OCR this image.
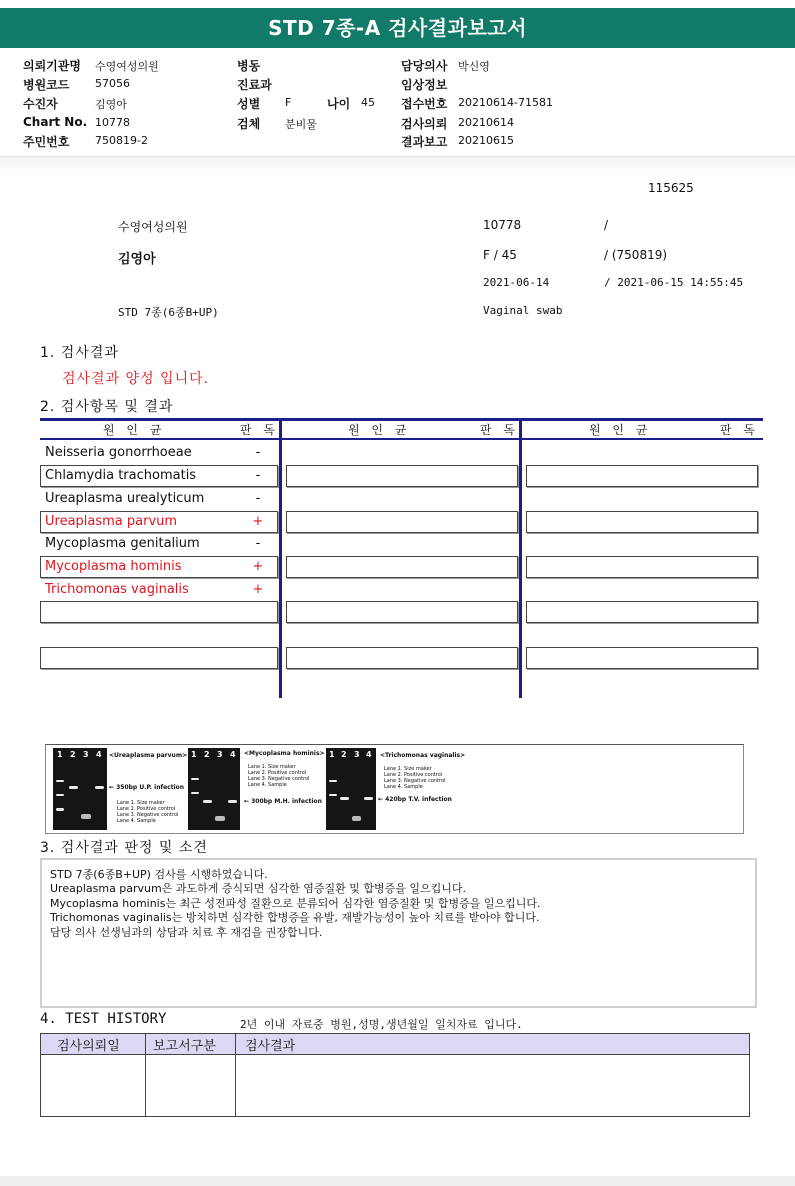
STD 7종-A 검사결과보고서
의뢰기관명 수영여성의원
병원코드 57056
수진자	김영아
Chart No. 10778
주민번호 750819-2
병동
진료과
성별 F	나이 45
검체 분비물
담당의사 박신영
임상정보
접수번호 20210614-71581
검사의뢰 20210614
결과보고 20210615
115625
수영여성의원	10778	/
김영아	F / 45	/ (750819)
2021-06-14	/ 2021-06-15 14:55:45
STD 7종(6종B+UP)	Vaginal swab
1. 검사결과
검사결과 양성 입니다.
2. 검사항목 및 결과
원 인 균	판 독	원 인 균	판 독	원 인 균	판 독
Neisseria gonorrhoeae	-
Chlamydia trachomatis	-
Ureaplasma urealyticum	-
Ureaplasma parvum	+
Mycoplasma genitalium	-
Mycoplasma hominis	+
Trichomonas vaginalis	+
1 2 3 4 <Ureaplasma parvum>
← 350bp U.P. infection
Lane 1. Size maker
Lane 2. Positive control
Lane 3. Negative control
Lane 4. Sample
1 2 3 4 <Mycoplasma hominis>
Lane 1. Size maker
Lane 2. Positive control
Lane 3. Negative control
Lane 4. Sample
← 300bp M.H. infection
1 2 3 4 <Trichomonas vaginalis>
Lane 1. Size maker
Lane 2. Positive control
Lane 3. Negative control
Lane 4. Sample
← 420bp T.V. infection
3. 검사결과 판정 및 소견
STD 7종(6종B+UP) 검사를 시행하였습니다.
Ureaplasma parvum은 과도하게 증식되면 심각한 염증질환 및 합병증을 일으킵니다.
Mycoplasma hominis는 최근 성전파성 질환으로 분류되어 심각한 염증질환 및 합병증을 일으킵니다.
Trichomonas vaginalis는 방치하면 심각한 합병증을 유발, 재발가능성이 높아 치료를 받아야 합니다.
담당 의사 선생님과의 상담과 치료 후 재검을 권장합니다.
4. TEST HISTORY	2년 이내 자료중 병원,성명,생년월일 일치자료 입니다.
검사의뢰일	보고서구분 검사결과
